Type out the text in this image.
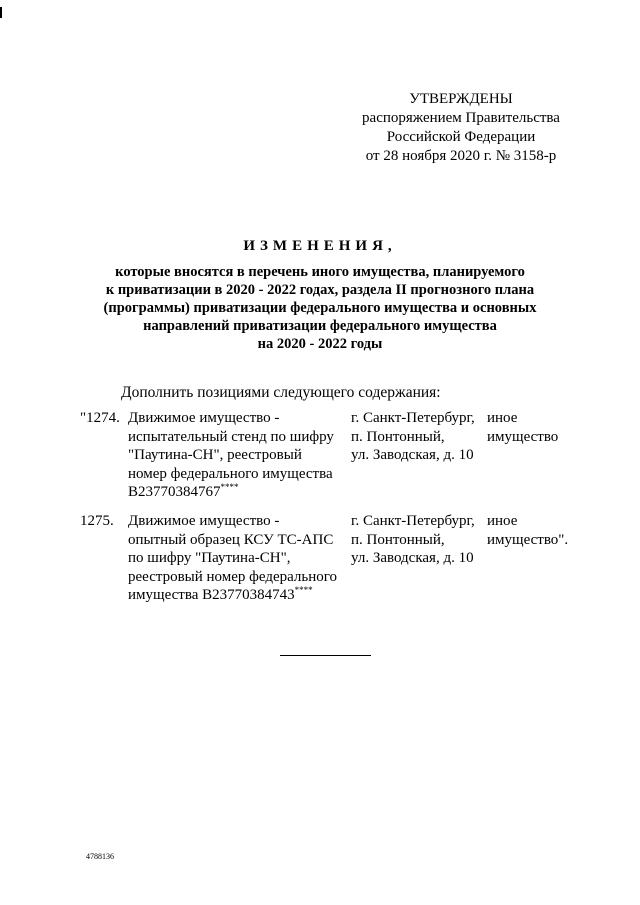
УТВЕРЖДЕНЫ
распоряжением Правительства
Российской Федерации
от 28 ноября 2020 г. № 3158-р
ИЗМЕНЕНИЯ,
которые вносятся в перечень иного имущества, планируемого
к приватизации в 2020 - 2022 годах, раздела II прогнозного плана
(программы) приватизации федерального имущества и основных
направлений приватизации федерального имущества
на 2020 - 2022 годы
Дополнить позициями следующего содержания:
"1274. Движимое имущество -
испытательный стенд по шифру
"Паутина-СН", реестровый
номер федерального имущества
B23770384767****
г. Санкт-Петербург,
п. Понтонный,
ул. Заводская, д. 10
иное
имущество
1275. Движимое имущество -
опытный образец КСУ ТС-АПС
по шифру "Паутина-СН",
реестровый номер федерального
имущества B23770384743****
г. Санкт-Петербург,
п. Понтонный,
ул. Заводская, д. 10
иное
имущество".
4788136
